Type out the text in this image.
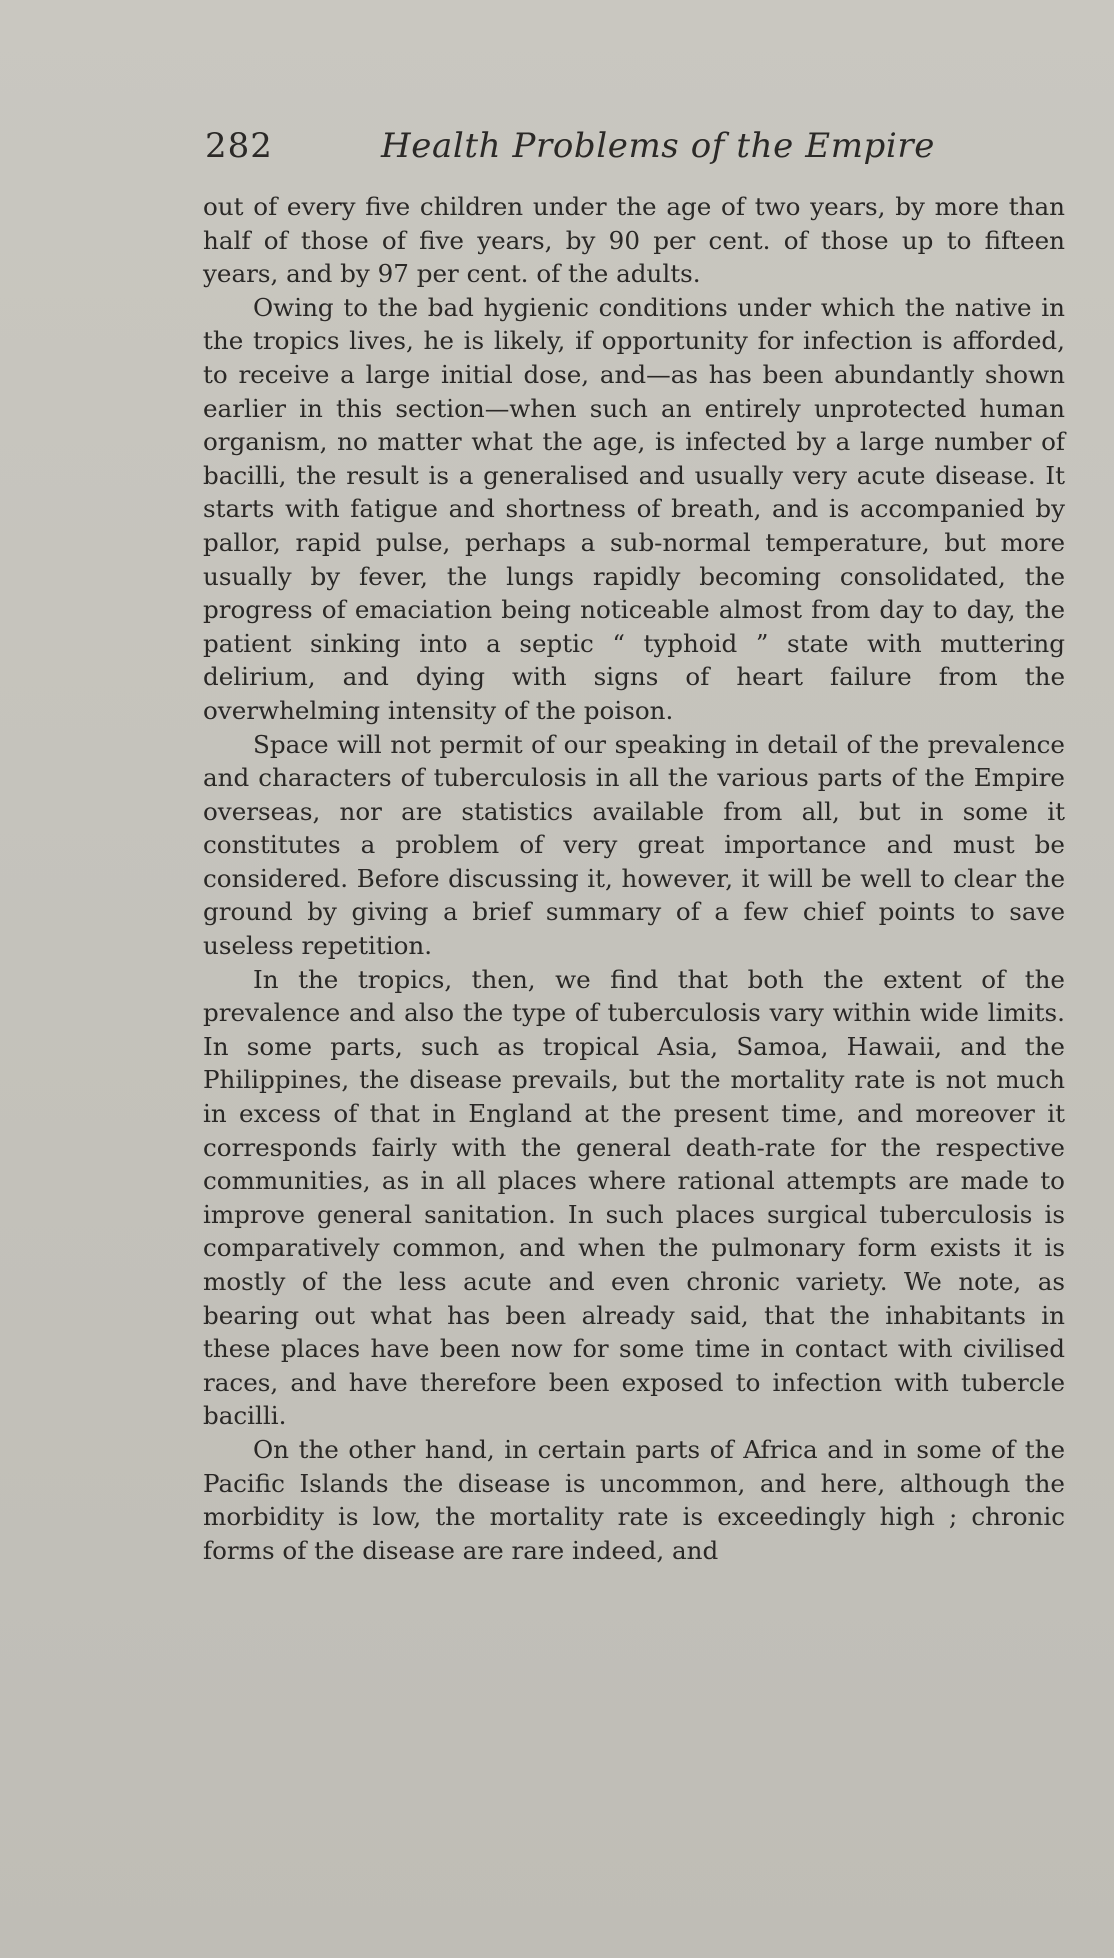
282	Health Problems of the Empire

out of every five children under the age of two years, by more than half of those of five years, by 90 per cent. of those up to fifteen years, and by 97 per cent. of the adults.

Owing to the bad hygienic conditions under which the native in the tropics lives, he is likely, if opportunity for infection is afforded, to receive a large initial dose, and—as has been abundantly shown earlier in this section—when such an entirely unprotected human organism, no matter what the age, is infected by a large number of bacilli, the result is a generalised and usually very acute disease. It starts with fatigue and shortness of breath, and is accompanied by pallor, rapid pulse, perhaps a sub-normal temperature, but more usually by fever, the lungs rapidly becoming consolidated, the progress of emaciation being noticeable almost from day to day, the patient sinking into a septic “ typhoid ” state with muttering delirium, and dying with signs of heart failure from the overwhelming intensity of the poison.

Space will not permit of our speaking in detail of the prevalence and characters of tuberculosis in all the various parts of the Empire overseas, nor are statistics available from all, but in some it constitutes a problem of very great importance and must be considered. Before discussing it, however, it will be well to clear the ground by giving a brief summary of a few chief points to save useless repetition.

In the tropics, then, we find that both the extent of the prevalence and also the type of tuberculosis vary within wide limits. In some parts, such as tropical Asia, Samoa, Hawaii, and the Philippines, the disease prevails, but the mortality rate is not much in excess of that in England at the present time, and moreover it corresponds fairly with the general death-rate for the respective communities, as in all places where rational attempts are made to improve general sanitation. In such places surgical tuberculosis is comparatively common, and when the pulmonary form exists it is mostly of the less acute and even chronic variety. We note, as bearing out what has been already said, that the inhabitants in these places have been now for some time in contact with civilised races, and have therefore been exposed to infection with tubercle bacilli.

On the other hand, in certain parts of Africa and in some of the Pacific Islands the disease is uncommon, and here, although the morbidity is low, the mortality rate is exceedingly high ; chronic forms of the disease are rare indeed, and
